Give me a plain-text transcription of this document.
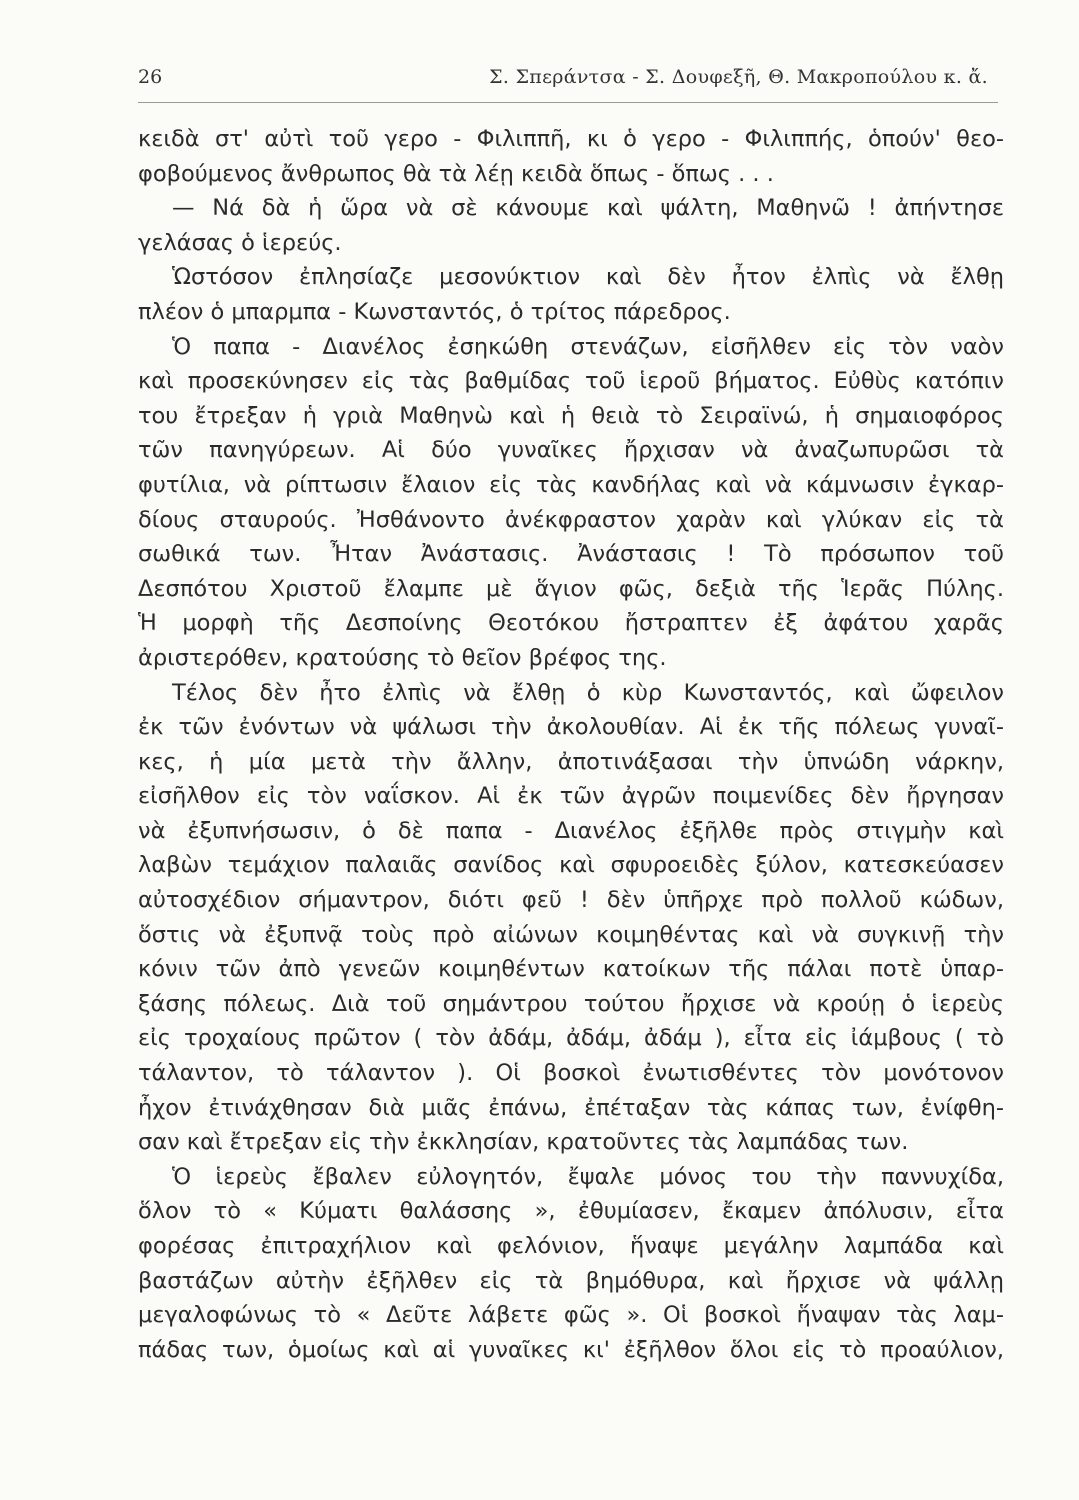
26	Σ. Σπεράντσα - Σ. Δουφεξῆ, Θ. Μακροπούλου κ. ἄ.
κειδὰ στ' αὐτὶ τοῦ γερο - Φιλιππῆ, κι ὁ γερο - Φιλιππής, ὁπούν' θεο-
φοβούμενος ἄνθρωπος θὰ τὰ λέῃ κειδὰ ὅπως - ὅπως . . .
— Νά δὰ ἡ ὥρα νὰ σὲ κάνουμε καὶ ψάλτη, Μαθηνῶ ! ἀπήντησε
γελάσας ὁ ἱερεύς.
Ὡστόσον ἐπλησίαζε μεσονύκτιον καὶ δὲν ἦτον ἐλπὶς νὰ ἔλθῃ
πλέον ὁ μπαρμπα - Κωνσταντός, ὁ τρίτος πάρεδρος.
Ὁ παπα - Διανέλος ἐσηκώθη στενάζων, εἰσῆλθεν εἰς τὸν ναὸν
καὶ προσεκύνησεν εἰς τὰς βαθμίδας τοῦ ἱεροῦ βήματος. Εὐθὺς κατόπιν
του ἔτρεξαν ἡ γριὰ Μαθηνὼ καὶ ἡ θειὰ τὸ Σειραϊνώ, ἡ σημαιοφόρος
τῶν πανηγύρεων. Αἱ δύο γυναῖκες ἤρχισαν νὰ ἀναζωπυρῶσι τὰ
φυτίλια, νὰ ρίπτωσιν ἔλαιον εἰς τὰς κανδήλας καὶ νὰ κάμνωσιν ἐγκαρ-
δίους σταυρούς. Ἠσθάνοντο ἀνέκφραστον χαρὰν καὶ γλύκαν εἰς τὰ
σωθικά των. Ἦταν Ἀνάστασις. Ἀνάστασις ! Τὸ πρόσωπον τοῦ
Δεσπότου Χριστοῦ ἔλαμπε μὲ ἅγιον φῶς, δεξιὰ τῆς Ἱερᾶς Πύλης.
Ἡ μορφὴ τῆς Δεσποίνης Θεοτόκου ἤστραπτεν ἐξ ἀφάτου χαρᾶς
ἀριστερόθεν, κρατούσης τὸ θεῖον βρέφος της.
Τέλος δὲν ἦτο ἐλπὶς νὰ ἔλθῃ ὁ κὺρ Κωνσταντός, καὶ ὤφειλον
ἐκ τῶν ἐνόντων νὰ ψάλωσι τὴν ἀκολουθίαν. Αἱ ἐκ τῆς πόλεως γυναῖ-
κες, ἡ μία μετὰ τὴν ἄλλην, ἀποτινάξασαι τὴν ὑπνώδη νάρκην,
εἰσῆλθον εἰς τὸν ναΐσκον. Αἱ ἐκ τῶν ἀγρῶν ποιμενίδες δὲν ἤργησαν
νὰ ἐξυπνήσωσιν, ὁ δὲ παπα - Διανέλος ἐξῆλθε πρὸς στιγμὴν καὶ
λαβὼν τεμάχιον παλαιᾶς σανίδος καὶ σφυροειδὲς ξύλον, κατεσκεύασεν
αὐτοσχέδιον σήμαντρον, διότι φεῦ ! δὲν ὑπῆρχε πρὸ πολλοῦ κώδων,
ὅστις νὰ ἐξυπνᾷ τοὺς πρὸ αἰώνων κοιμηθέντας καὶ νὰ συγκινῇ τὴν
κόνιν τῶν ἀπὸ γενεῶν κοιμηθέντων κατοίκων τῆς πάλαι ποτὲ ὑπαρ-
ξάσης πόλεως. Διὰ τοῦ σημάντρου τούτου ἤρχισε νὰ κρούῃ ὁ ἱερεὺς
εἰς τροχαίους πρῶτον ( τὸν ἀδάμ, ἀδάμ, ἀδάμ ), εἶτα εἰς ἰάμβους ( τὸ
τάλαντον, τὸ τάλαντον ). Οἱ βοσκοὶ ἐνωτισθέντες τὸν μονότονον
ἦχον ἐτινάχθησαν διὰ μιᾶς ἐπάνω, ἐπέταξαν τὰς κάπας των, ἐνίφθη-
σαν καὶ ἔτρεξαν εἰς τὴν ἐκκλησίαν, κρατοῦντες τὰς λαμπάδας των.
Ὁ ἱερεὺς ἔβαλεν εὐλογητόν, ἔψαλε μόνος του τὴν παννυχίδα,
ὅλον τὸ « Κύματι θαλάσσης », ἐθυμίασεν, ἔκαμεν ἀπόλυσιν, εἶτα
φορέσας ἐπιτραχήλιον καὶ φελόνιον, ἥναψε μεγάλην λαμπάδα καὶ
βαστάζων αὐτὴν ἐξῆλθεν εἰς τὰ βημόθυρα, καὶ ἤρχισε νὰ ψάλλῃ
μεγαλοφώνως τὸ « Δεῦτε λάβετε φῶς ». Οἱ βοσκοὶ ἥναψαν τὰς λαμ-
πάδας των, ὁμοίως καὶ αἱ γυναῖκες κι' ἐξῆλθον ὅλοι εἰς τὸ προαύλιον,
